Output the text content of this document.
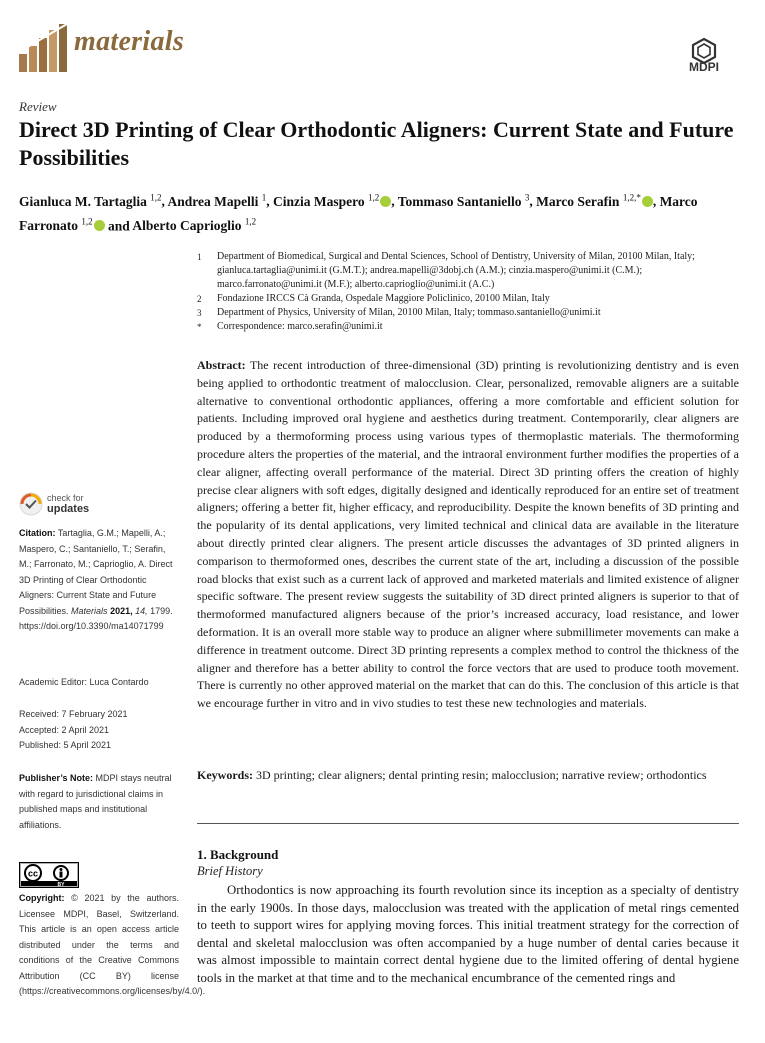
materials
MDPI
Review
Direct 3D Printing of Clear Orthodontic Aligners: Current State and Future Possibilities
Gianluca M. Tartaglia $^{1,2}$, Andrea Mapelli $^1$, Cinzia Maspero $^{1,2}$ , Tommaso Santaniello $^3$, Marco Serafin $^{1,2,*}$ , Marco Farronato $^{1,2}$ and Alberto Caprioglio $^{1,2}$
1 Department of Biomedical, Surgical and Dental Sciences, School of Dentistry, University of Milan, 20100 Milan, Italy; gianluca.tartaglia@unimi.it (G.M.T.); andrea.mapelli@3dobj.ch (A.M.); cinzia.maspero@unimi.it (C.M.); marco.farronato@unimi.it (M.F.); alberto.caprioglio@unimi.it (A.C.)
2 Fondazione IRCCS Cà Granda, Ospedale Maggiore Policlinico, 20100 Milan, Italy
3 Department of Physics, University of Milan, 20100 Milan, Italy; tommaso.santaniello@unimi.it
* Correspondence: marco.serafin@unimi.it
Abstract: The recent introduction of three-dimensional (3D) printing is revolutionizing dentistry and is even being applied to orthodontic treatment of malocclusion. Clear, personalized, removable aligners are a suitable alternative to conventional orthodontic appliances, offering a more comfortable and efficient solution for patients. Including improved oral hygiene and aesthetics during treatment. Contemporarily, clear aligners are produced by a thermoforming process using various types of thermoplastic materials. The thermoforming procedure alters the properties of the material, and the intraoral environment further modifies the properties of a clear aligner, affecting overall performance of the material. Direct 3D printing offers the creation of highly precise clear aligners with soft edges, digitally designed and identically reproduced for an entire set of treatment aligners; offering a better fit, higher efficacy, and reproducibility. Despite the known benefits of 3D printing and the popularity of its dental applications, very limited technical and clinical data are available in the literature about directly printed clear aligners. The present article discusses the advantages of 3D printed aligners in comparison to thermoformed ones, describes the current state of the art, including a discussion of the possible road blocks that exist such as a current lack of approved and marketed materials and limited existence of aligner specific software. The present review suggests the suitability of 3D direct printed aligners is superior to that of thermoformed manufactured aligners because of the prior’s increased accuracy, load resistance, and lower deformation. It is an overall more stable way to produce an aligner where submillimeter movements can make a difference in treatment outcome. Direct 3D printing represents a complex method to control the thickness of the aligner and therefore has a better ability to control the force vectors that are used to produce tooth movement. There is currently no other approved material on the market that can do this. The conclusion of this article is that we encourage further in vitro and in vivo studies to test these new technologies and materials.
Keywords: 3D printing; clear aligners; dental printing resin; malocclusion; narrative review; orthodontics
1. Background
Brief History
Orthodontics is now approaching its fourth revolution since its inception as a specialty of dentistry in the early 1900s. In those days, malocclusion was treated with the application of metal rings cemented to teeth to support wires for applying moving forces. This initial treatment strategy for the correction of dental and skeletal malocclusion was often accompanied by a huge number of dental caries because it was almost impossible to maintain correct dental hygiene due to the limited offering of dental hygiene tools in the market at that time and to the mechanical encumbrance of the cemented rings and
check for
updates
Citation: Tartaglia, G.M.; Mapelli, A.; Maspero, C.; Santaniello, T.; Serafin, M.; Farronato, M.; Caprioglio, A. Direct 3D Printing of Clear Orthodontic Aligners: Current State and Future Possibilities. Materials 2021, 14, 1799. https://doi.org/10.3390/ma14071799
Academic Editor: Luca Contardo
Received: 7 February 2021
Accepted: 2 April 2021
Published: 5 April 2021
Publisher’s Note: MDPI stays neutral with regard to jurisdictional claims in published maps and institutional affiliations.
cc
BY
Copyright: © 2021 by the authors. Licensee MDPI, Basel, Switzerland. This article is an open access article distributed under the terms and conditions of the Creative Commons Attribution (CC BY) license (https://creativecommons.org/licenses/by/4.0/).
